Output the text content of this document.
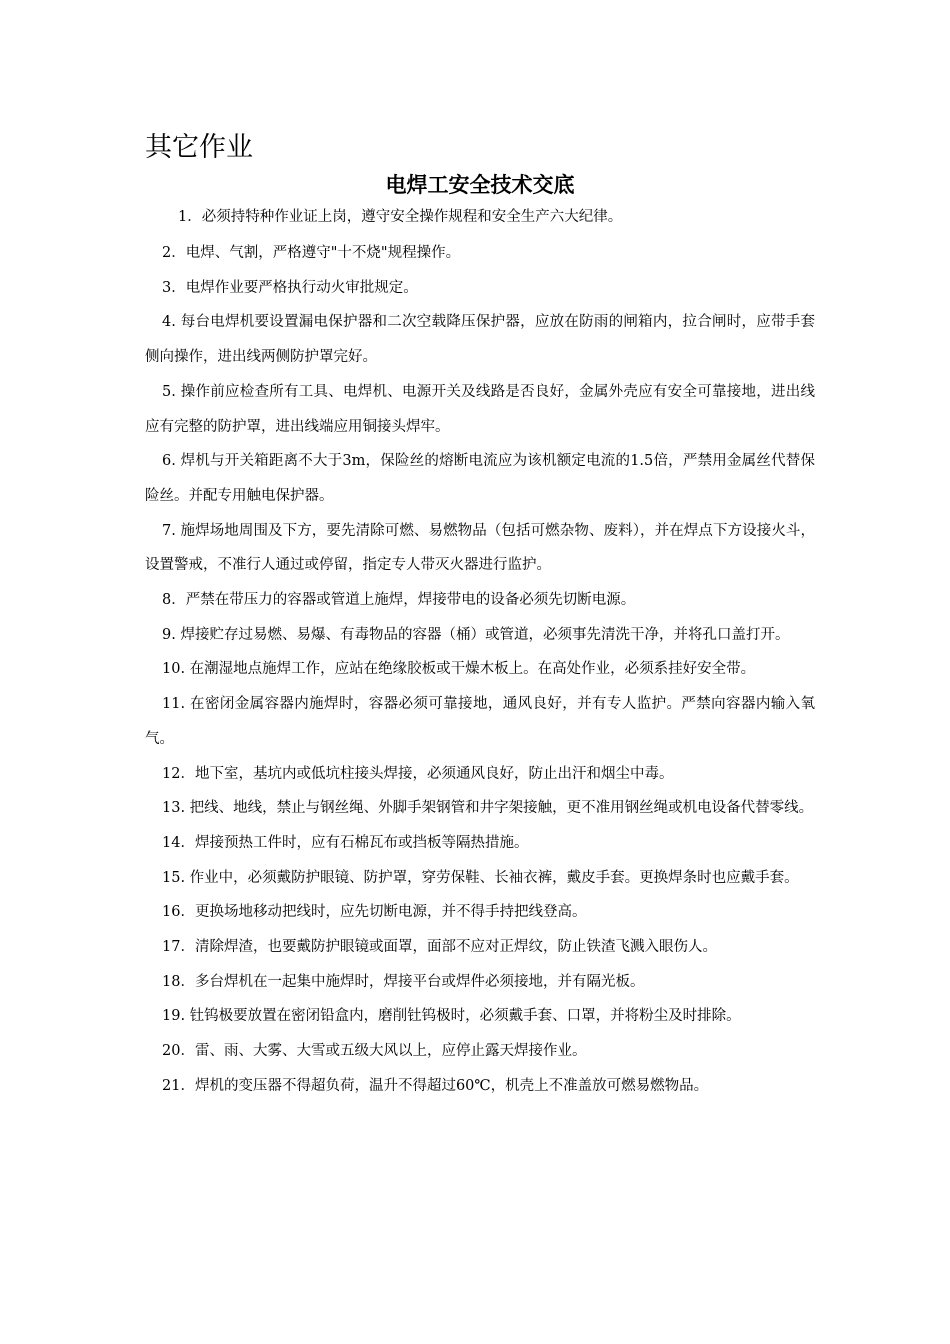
其它作业
电焊工安全技术交底

1．必须持特种作业证上岗，遵守安全操作规程和安全生产六大纪律。

2．电焊、气割，严格遵守"十不烧"规程操作。

3．电焊作业要严格执行动火审批规定。

4. 每台电焊机要设置漏电保护器和二次空载降压保护器，应放在防雨的闸箱内，拉合闸时，应带手套侧向操作，进出线两侧防护罩完好。

5. 操作前应检查所有工具、电焊机、电源开关及线路是否良好，金属外壳应有安全可靠接地，进出线应有完整的防护罩，进出线端应用铜接头焊牢。

6. 焊机与开关箱距离不大于3m，保险丝的熔断电流应为该机额定电流的1.5倍，严禁用金属丝代替保险丝。并配专用触电保护器。

7. 施焊场地周围及下方，要先清除可燃、易燃物品（包括可燃杂物、废料），并在焊点下方设接火斗，设置警戒，不准行人通过或停留，指定专人带灭火器进行监护。

8．严禁在带压力的容器或管道上施焊，焊接带电的设备必须先切断电源。

9. 焊接贮存过易燃、易爆、有毒物品的容器（桶）或管道，必须事先清洗干净，并将孔口盖打开。

10. 在潮湿地点施焊工作，应站在绝缘胶板或干燥木板上。在高处作业，必须系挂好安全带。

11. 在密闭金属容器内施焊时，容器必须可靠接地，通风良好，并有专人监护。严禁向容器内输入氧气。

12．地下室，基坑内或低坑柱接头焊接，必须通风良好，防止出汗和烟尘中毒。

13. 把线、地线，禁止与钢丝绳、外脚手架钢管和井字架接触，更不准用钢丝绳或机电设备代替零线。

14．焊接预热工件时，应有石棉瓦布或挡板等隔热措施。

15. 作业中，必须戴防护眼镜、防护罩，穿劳保鞋、长袖衣裤，戴皮手套。更换焊条时也应戴手套。

16．更换场地移动把线时，应先切断电源，并不得手持把线登高。

17．清除焊渣，也要戴防护眼镜或面罩，面部不应对正焊纹，防止铁渣飞溅入眼伤人。

18．多台焊机在一起集中施焊时，焊接平台或焊件必须接地，并有隔光板。

19. 钍钨极要放置在密闭铅盒内，磨削钍钨极时，必须戴手套、口罩，并将粉尘及时排除。

20．雷、雨、大雾、大雪或五级大风以上，应停止露天焊接作业。

21．焊机的变压器不得超负荷，温升不得超过60℃，机壳上不准盖放可燃易燃物品。
